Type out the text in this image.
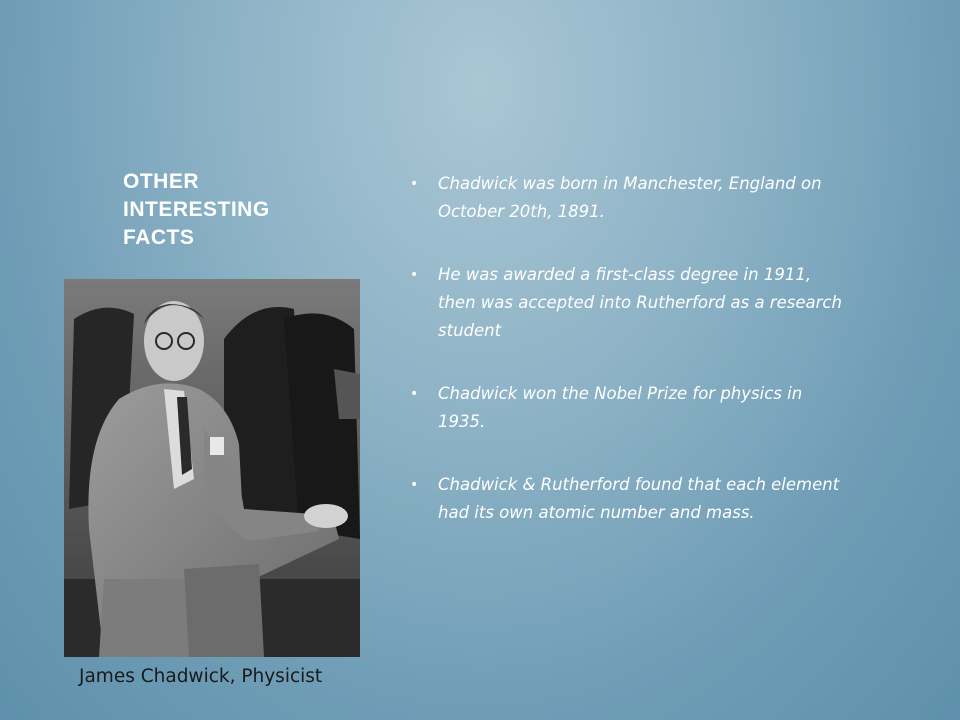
OTHER INTERESTING FACTS
James Chadwick, Physicist
• Chadwick was born in Manchester, England on October 20th, 1891.
• He was awarded a first-class degree in 1911, then was accepted into Rutherford as a research student
• Chadwick won the Nobel Prize for physics in 1935.
• Chadwick & Rutherford found that each element had its own atomic number and mass.
